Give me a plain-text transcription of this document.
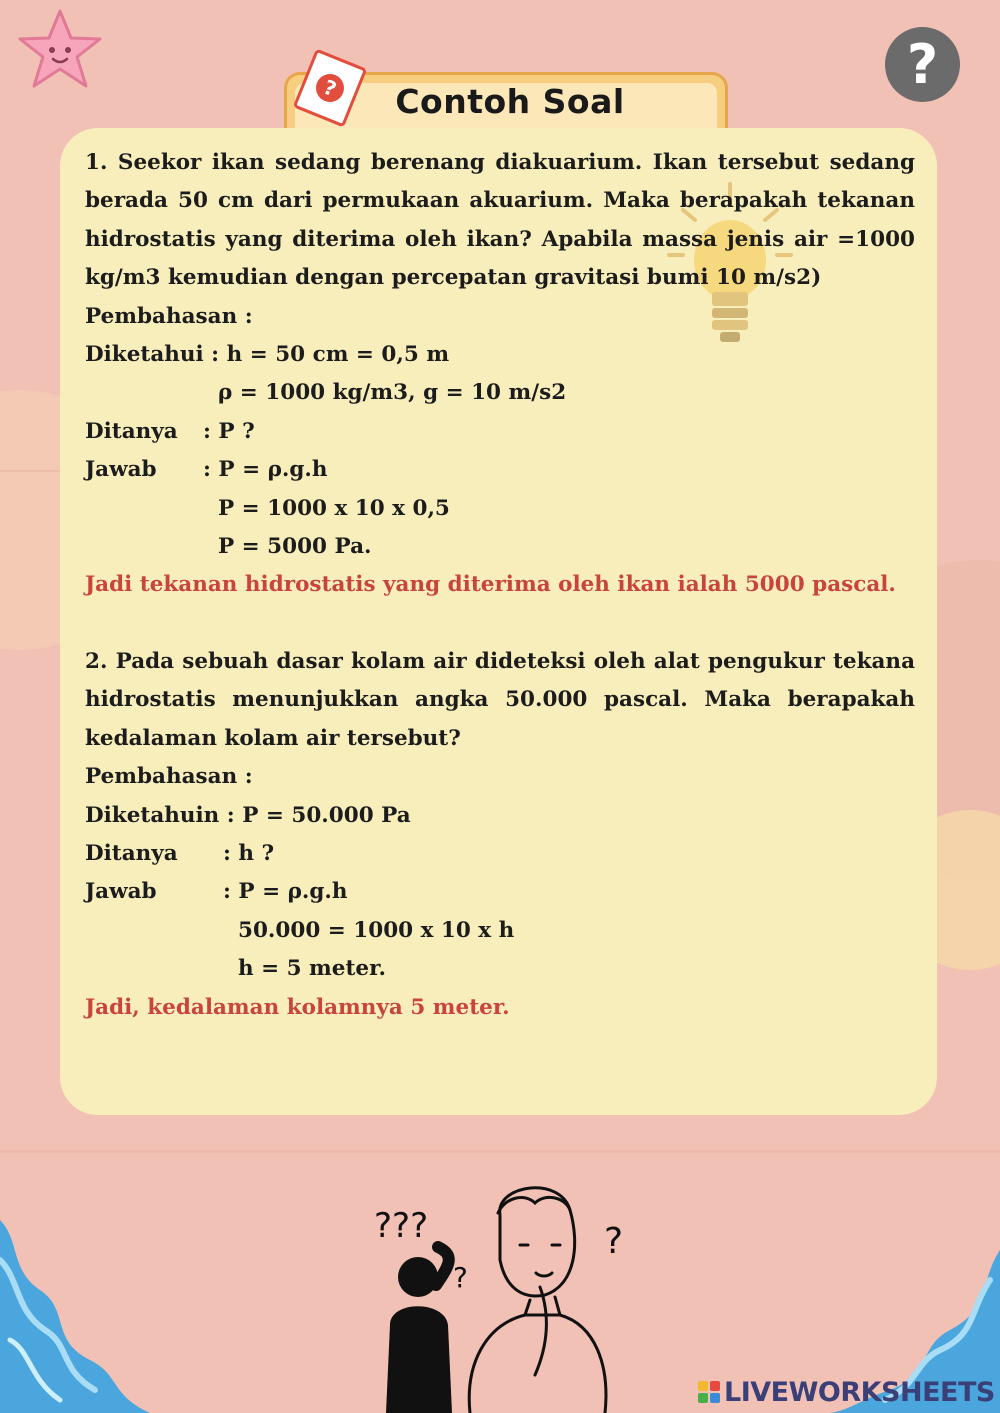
?
?	Contoh Soal
1. Seekor ikan sedang berenang diakuarium. Ikan tersebut sedang
berada 50 cm dari permukaan akuarium. Maka berapakah tekanan
hidrostatis yang diterima oleh ikan? Apabila massa jenis air =1000
kg/m3 kemudian dengan percepatan gravitasi bumi 10 m/s2)
Pembahasan :
Diketahui : h = 50 cm = 0,5 m
ρ = 1000 kg/m3, g = 10 m/s2
Ditanya : P ?
Jawab : P = ρ.g.h
P = 1000 x 10 x 0,5
P = 5000 Pa.
Jadi tekanan hidrostatis yang diterima oleh ikan ialah 5000 pascal.
2. Pada sebuah dasar kolam air dideteksi oleh alat pengukur tekana
hidrostatis menunjukkan angka 50.000 pascal. Maka berapakah
kedalaman kolam air tersebut?
Pembahasan :
Diketahuin : P = 50.000 Pa
Ditanya : h ?
Jawab	: P = ρ.g.h
50.000 = 1000 x 10 x h
h = 5 meter.
Jadi, kedalaman kolamnya 5 meter.
???
?
?
LIVEWORKSHEETS
